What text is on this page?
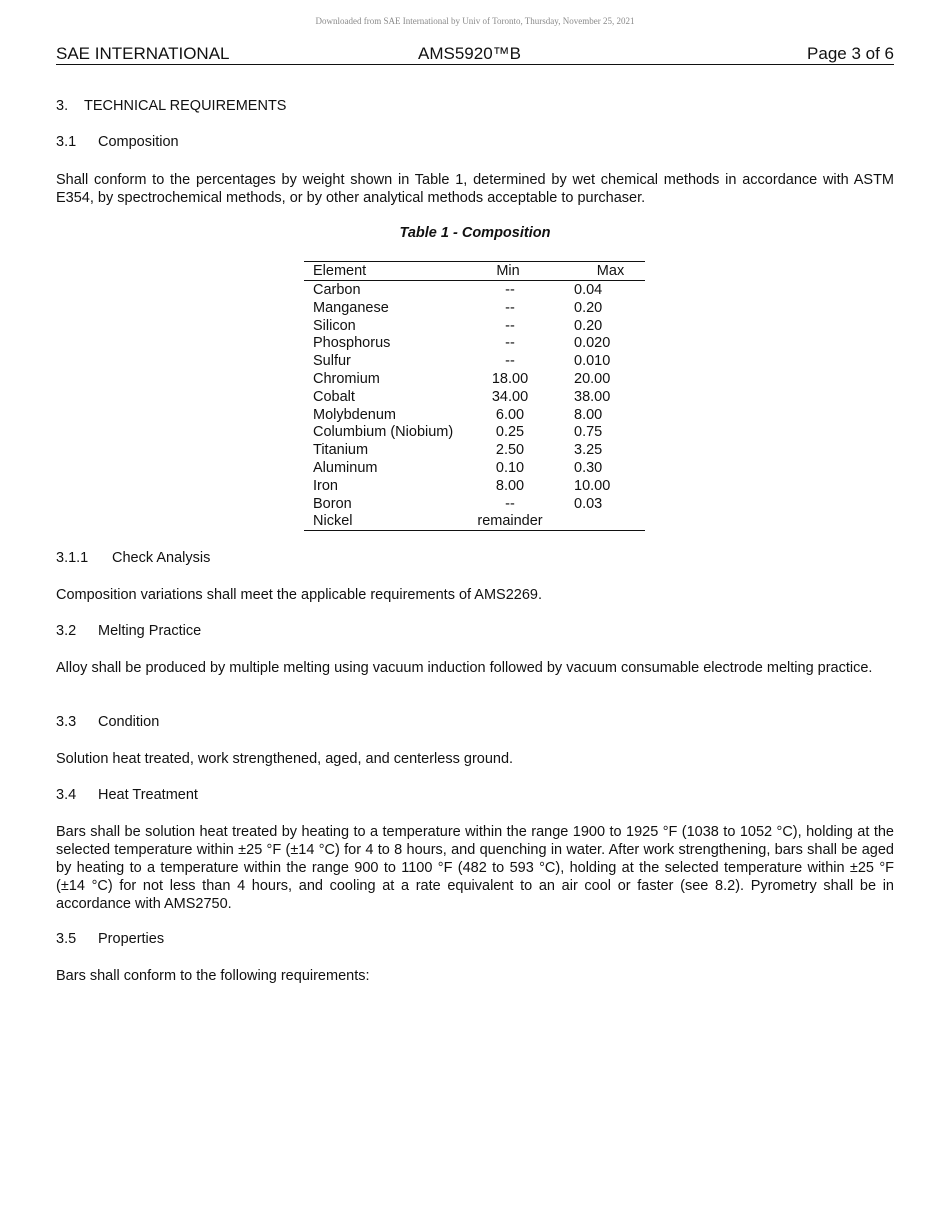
Downloaded from SAE International by Univ of Toronto, Thursday, November 25, 2021
SAE INTERNATIONAL	AMS5920™B	Page 3 of 6
3. TECHNICAL REQUIREMENTS
3.1 Composition
Shall conform to the percentages by weight shown in Table 1, determined by wet chemical methods in accordance with ASTM E354, by spectrochemical methods, or by other analytical methods acceptable to purchaser.
Table 1 - Composition
Element	Min	Max
Carbon	--	0.04
Manganese	--	0.20
Silicon	--	0.20
Phosphorus	--	0.020
Sulfur	--	0.010
Chromium	18.00	20.00
Cobalt	34.00	38.00
Molybdenum	6.00	8.00
Columbium (Niobium)	0.25	0.75
Titanium	2.50	3.25
Aluminum	0.10	0.30
Iron	8.00	10.00
Boron	--	0.03
Nickel	remainder
3.1.1 Check Analysis
Composition variations shall meet the applicable requirements of AMS2269.
3.2 Melting Practice
Alloy shall be produced by multiple melting using vacuum induction followed by vacuum consumable electrode melting practice.
3.3 Condition
Solution heat treated, work strengthened, aged, and centerless ground.
3.4 Heat Treatment
Bars shall be solution heat treated by heating to a temperature within the range 1900 to 1925 °F (1038 to 1052 °C), holding at the selected temperature within ±25 °F (±14 °C) for 4 to 8 hours, and quenching in water. After work strengthening, bars shall be aged by heating to a temperature within the range 900 to 1100 °F (482 to 593 °C), holding at the selected temperature within ±25 °F (±14 °C) for not less than 4 hours, and cooling at a rate equivalent to an air cool or faster (see 8.2). Pyrometry shall be in accordance with AMS2750.
3.5 Properties
Bars shall conform to the following requirements:
